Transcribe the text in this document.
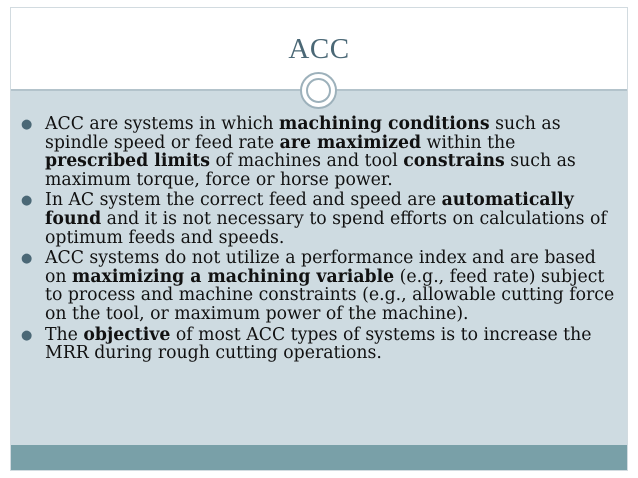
ACC
● ACC are systems in which machining conditions such as spindle speed or feed rate are maximized within the prescribed limits of machines and tool constrains such as maximum torque, force or horse power.
● In AC system the correct feed and speed are automatically found and it is not necessary to spend efforts on calculations of optimum feeds and speeds.
● ACC systems do not utilize a performance index and are based on maximizing a machining variable (e.g., feed rate) subject to process and machine constraints (e.g., allowable cutting force on the tool, or maximum power of the machine).
● The objective of most ACC types of systems is to increase the MRR during rough cutting operations.
